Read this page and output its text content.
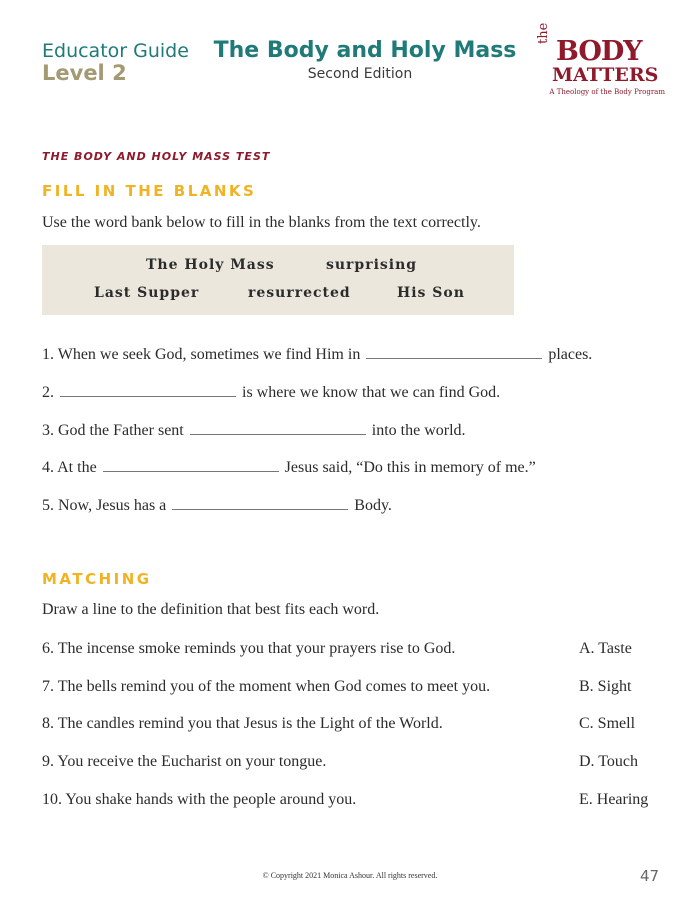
Educator Guide
Level 2
The Body and Holy Mass
Second Edition
the
BODY
MATTERS
A Theology of the Body Program
THE BODY AND HOLY MASS TEST
FILL IN THE BLANKS
Use the word bank below to fill in the blanks from the text correctly.
The Holy Mass	surprising
Last Supper	resurrected	His Son
1. When we seek God, sometimes we find Him in	places.
2.	is where we know that we can find God.
3. God the Father sent	into the world.
4. At the	Jesus said, “Do this in memory of me.”
5. Now, Jesus has a	Body.
MATCHING
Draw a line to the definition that best fits each word.
6. The incense smoke reminds you that your prayers rise to God.	A. Taste
7. The bells remind you of the moment when God comes to meet you.	B. Sight
8. The candles remind you that Jesus is the Light of the World.	C. Smell
9. You receive the Eucharist on your tongue.	D. Touch
10. You shake hands with the people around you.	E. Hearing
© Copyright 2021 Monica Ashour. All rights reserved.	47
